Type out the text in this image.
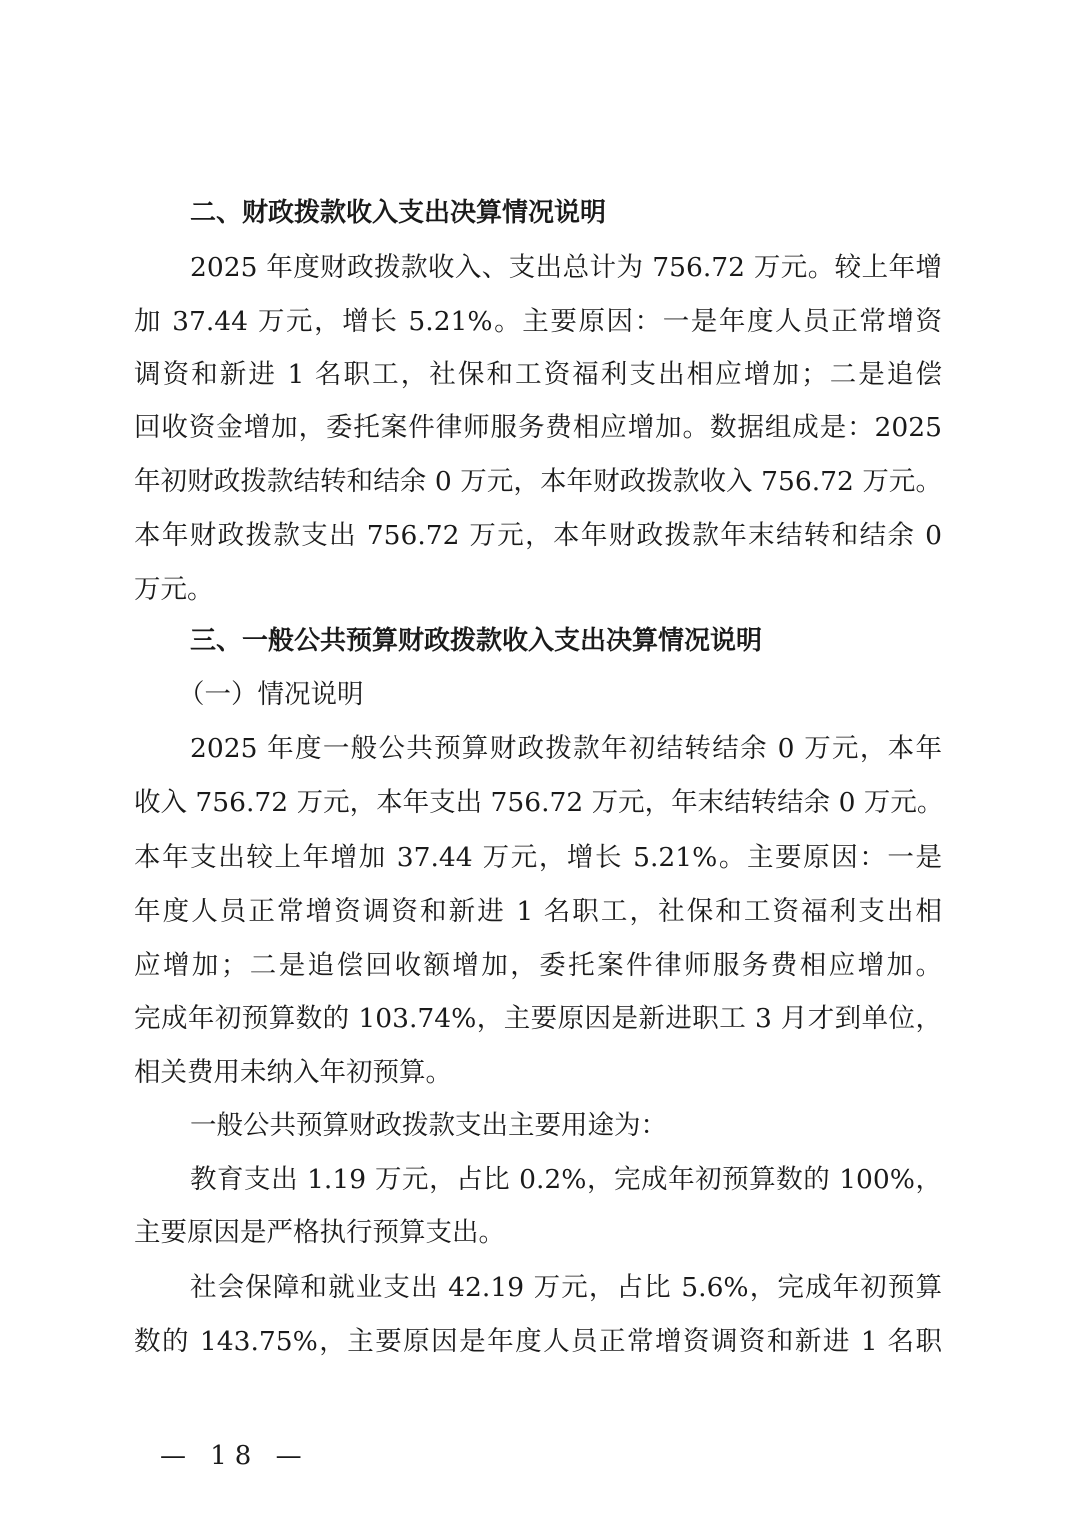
二、财政拨款收入支出决算情况说明
2025 年度财政拨款收入、支出总计为 756.72 万元。较上年增
加 37.44 万元，增长 5.21%。主要原因：一是年度人员正常增资
调资和新进 1 名职工，社保和工资福利支出相应增加；二是追偿
回收资金增加，委托案件律师服务费相应增加。数据组成是：2025
年初财政拨款结转和结余 0 万元，本年财政拨款收入 756.72 万元。
本年财政拨款支出 756.72 万元，本年财政拨款年末结转和结余 0
万元。
三、一般公共预算财政拨款收入支出决算情况说明
（一）情况说明
2025 年度一般公共预算财政拨款年初结转结余 0 万元，本年
收入 756.72 万元，本年支出 756.72 万元，年末结转结余 0 万元。
本年支出较上年增加 37.44 万元，增长 5.21%。主要原因：一是
年度人员正常增资调资和新进 1 名职工，社保和工资福利支出相
应增加；二是追偿回收额增加，委托案件律师服务费相应增加。
完成年初预算数的 103.74%，主要原因是新进职工 3 月才到单位，
相关费用未纳入年初预算。
一般公共预算财政拨款支出主要用途为：
教育支出 1.19 万元，占比 0.2%，完成年初预算数的 100%，
主要原因是严格执行预算支出。
社会保障和就业支出 42.19 万元，占比 5.6%，完成年初预算
数的 143.75%，主要原因是年度人员正常增资调资和新进 1 名职
— 18 —
